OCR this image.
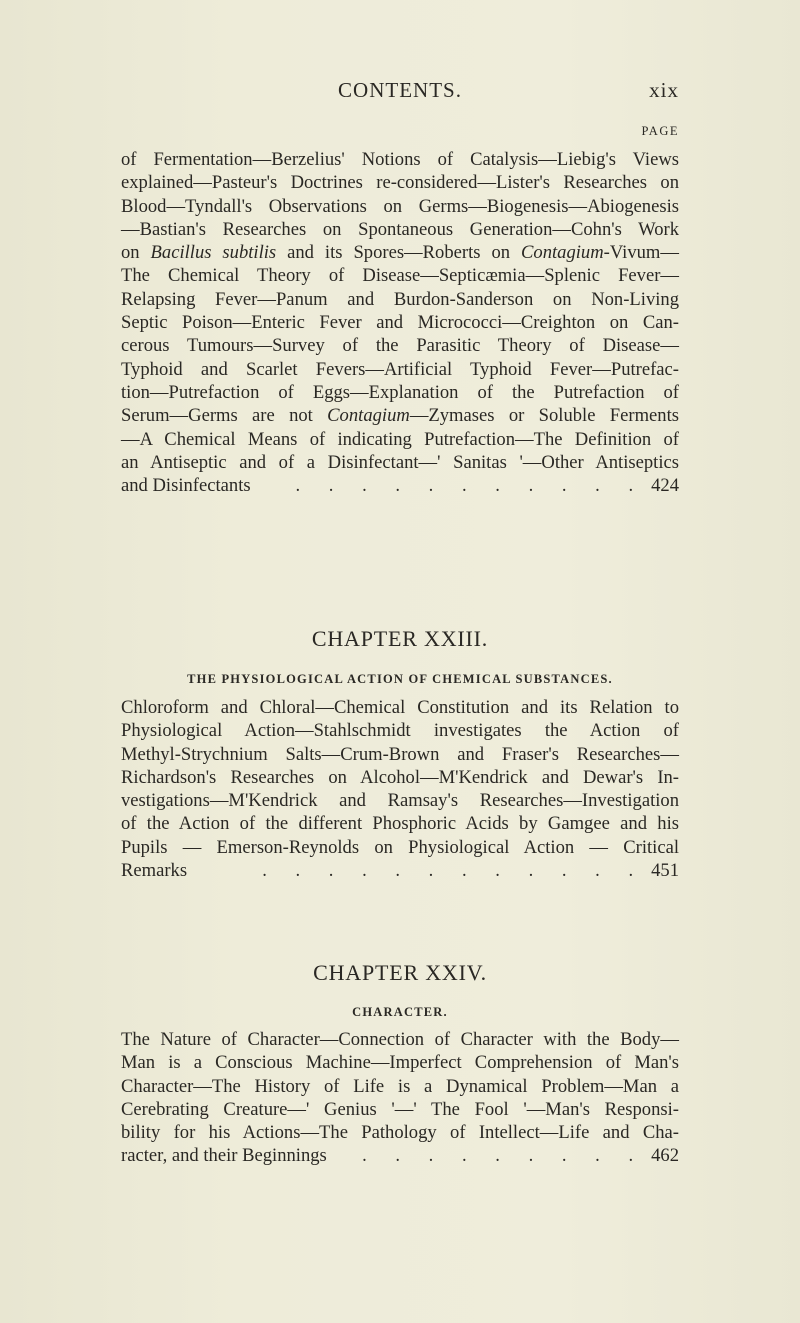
CONTENTS.	xix
PAGE
of Fermentation—Berzelius' Notions of Catalysis—Liebig's Views
explained—Pasteur's Doctrines re-considered—Lister's Researches on
Blood—Tyndall's Observations on Germs—Biogenesis—Abiogenesis
—Bastian's Researches on Spontaneous Generation—Cohn's Work
on Bacillus subtilis and its Spores—Roberts on Contagium-Vivum—
The Chemical Theory of Disease—Septicæmia—Splenic Fever—
Relapsing Fever—Panum and Burdon-Sanderson on Non-Living
Septic Poison—Enteric Fever and Micrococci—Creighton on Can-
cerous Tumours—Survey of the Parasitic Theory of Disease—
Typhoid and Scarlet Fevers—Artificial Typhoid Fever—Putrefac-
tion—Putrefaction of Eggs—Explanation of the Putrefaction of
Serum—Germs are not Contagium—Zymases or Soluble Ferments
—A Chemical Means of indicating Putrefaction—The Definition of
an Antiseptic and of a Disinfectant—' Sanitas '—Other Antiseptics
and Disinfectants	. . . . . . . . . . . 424
CHAPTER XXIII.
THE PHYSIOLOGICAL ACTION OF CHEMICAL SUBSTANCES.
Chloroform and Chloral—Chemical Constitution and its Relation to
Physiological Action—Stahlschmidt investigates the Action of
Methyl-Strychnium Salts—Crum-Brown and Fraser's Researches—
Richardson's Researches on Alcohol—M'Kendrick and Dewar's In-
vestigations—M'Kendrick and Ramsay's Researches—Investigation
of the Action of the different Phosphoric Acids by Gamgee and his
Pupils — Emerson-Reynolds on Physiological Action — Critical
Remarks	. . . . . . . . . . . . 451
CHAPTER XXIV.
CHARACTER.
The Nature of Character—Connection of Character with the Body—
Man is a Conscious Machine—Imperfect Comprehension of Man's
Character—The History of Life is a Dynamical Problem—Man a
Cerebrating Creature—' Genius '—' The Fool '—Man's Responsi-
bility for his Actions—The Pathology of Intellect—Life and Cha-
racter, and their Beginnings	. . . . . . . . . 462
